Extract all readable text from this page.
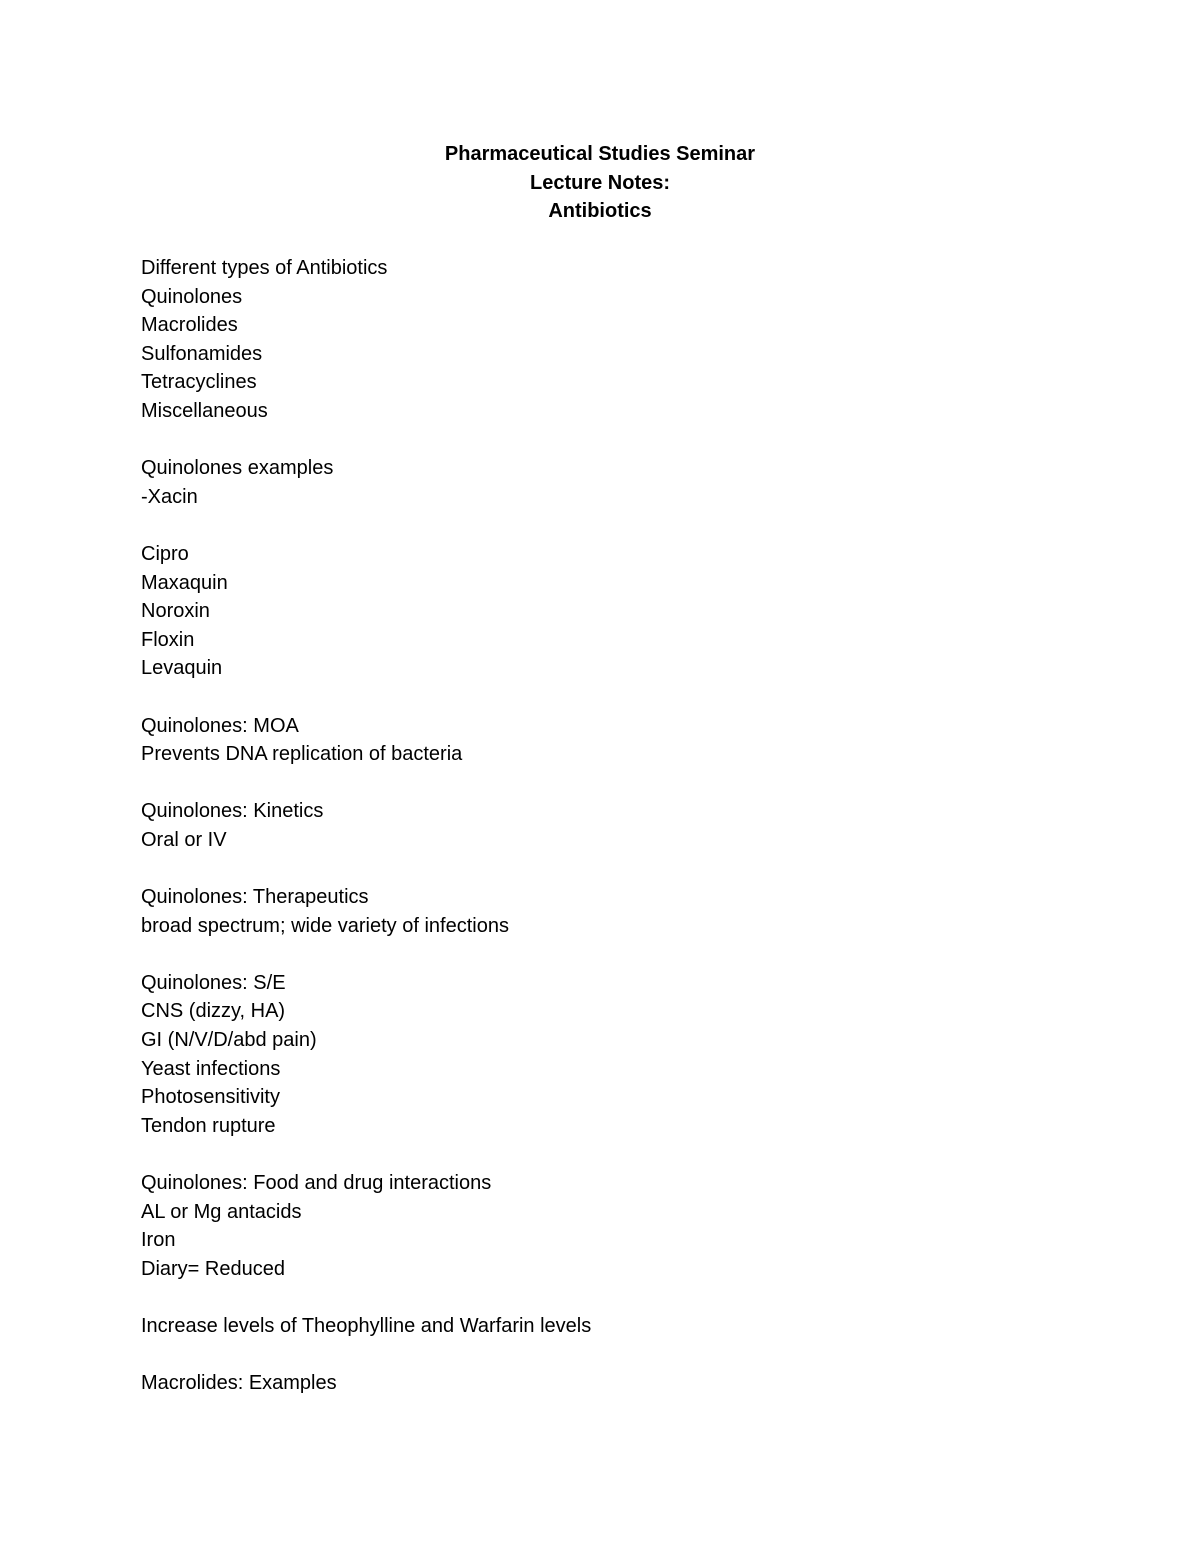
Pharmaceutical Studies Seminar
Lecture Notes:
Antibiotics
Different types of Antibiotics
Quinolones
Macrolides
Sulfonamides
Tetracyclines
Miscellaneous
Quinolones examples
-Xacin
Cipro
Maxaquin
Noroxin
Floxin
Levaquin
Quinolones: MOA
Prevents DNA replication of bacteria
Quinolones: Kinetics
Oral or IV
Quinolones: Therapeutics
broad spectrum; wide variety of infections
Quinolones: S/E
CNS (dizzy, HA)
GI (N/V/D/abd pain)
Yeast infections
Photosensitivity
Tendon rupture
Quinolones: Food and drug interactions
AL or Mg antacids
Iron
Diary= Reduced
Increase levels of Theophylline and Warfarin levels
Macrolides: Examples
